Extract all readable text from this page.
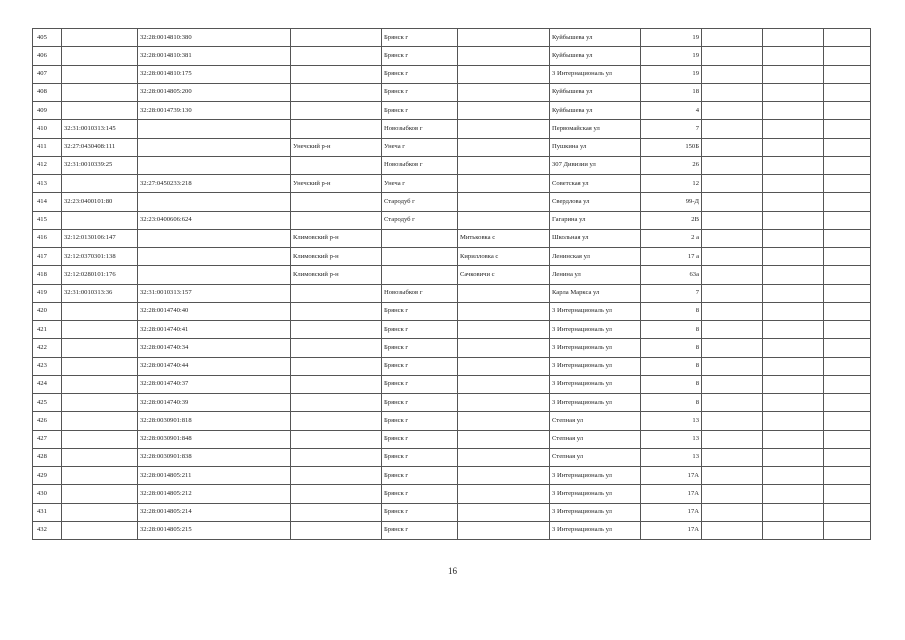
405		32:28:0014810:380		Брянск г		Куйбышева ул	19			
406		32:28:0014810:381		Брянск г		Куйбышева ул	19			
407		32:28:0014810:175		Брянск г		3 Интернациональ ул	19			
408		32:28:0014805:200		Брянск г		Куйбышева ул	18			
409		32:28:0014739:130		Брянск г		Куйбышева ул	4			
410	32:31:0010313:145			Новозыбков г		Первомайская ул	7			
411	32:27:0430408:111		Унечский р-н	Унеча г		Пушкина ул	150Б			
412	32:31:0010339:25			Новозыбков г		307 Дивизии ул	26			
413		32:27:0450233:218	Унечский р-н	Унеча г		Советская ул	12			
414	32:23:0400101:80			Стародуб г		Свердлова ул	99-Д			
415		32:23:0400606:624		Стародуб г		Гагарина ул	2В			
416	32:12:0130106:147		Климовский р-н		Митьковка с	Школьная ул	2 а			
417	32:12:0370301:138		Климовский р-н		Кирилловка с	Ленинская ул	17 а			
418	32:12:0280101:176		Климовский р-н		Сачковичи с	Ленина ул	63а			
419	32:31:0010313:36	32:31:0010313:157		Новозыбков г		Карла Маркса ул	7			
420		32:28:0014740:40		Брянск г		3 Интернациональ ул	8			
421		32:28:0014740:41		Брянск г		3 Интернациональ ул	8			
422		32:28:0014740:34		Брянск г		3 Интернациональ ул	8			
423		32:28:0014740:44		Брянск г		3 Интернациональ ул	8			
424		32:28:0014740:37		Брянск г		3 Интернациональ ул	8			
425		32:28:0014740:39		Брянск г		3 Интернациональ ул	8			
426		32:28:0030901:818		Брянск г		Степная ул	13			
427		32:28:0030901:848		Брянск г		Степная ул	13			
428		32:28:0030901:838		Брянск г		Степная ул	13			
429		32:28:0014805:211		Брянск г		3 Интернациональ ул	17А			
430		32:28:0014805:212		Брянск г		3 Интернациональ ул	17А			
431		32:28:0014805:214		Брянск г		3 Интернациональ ул	17А			
432		32:28:0014805:215		Брянск г		3 Интернациональ ул	17А			
16
